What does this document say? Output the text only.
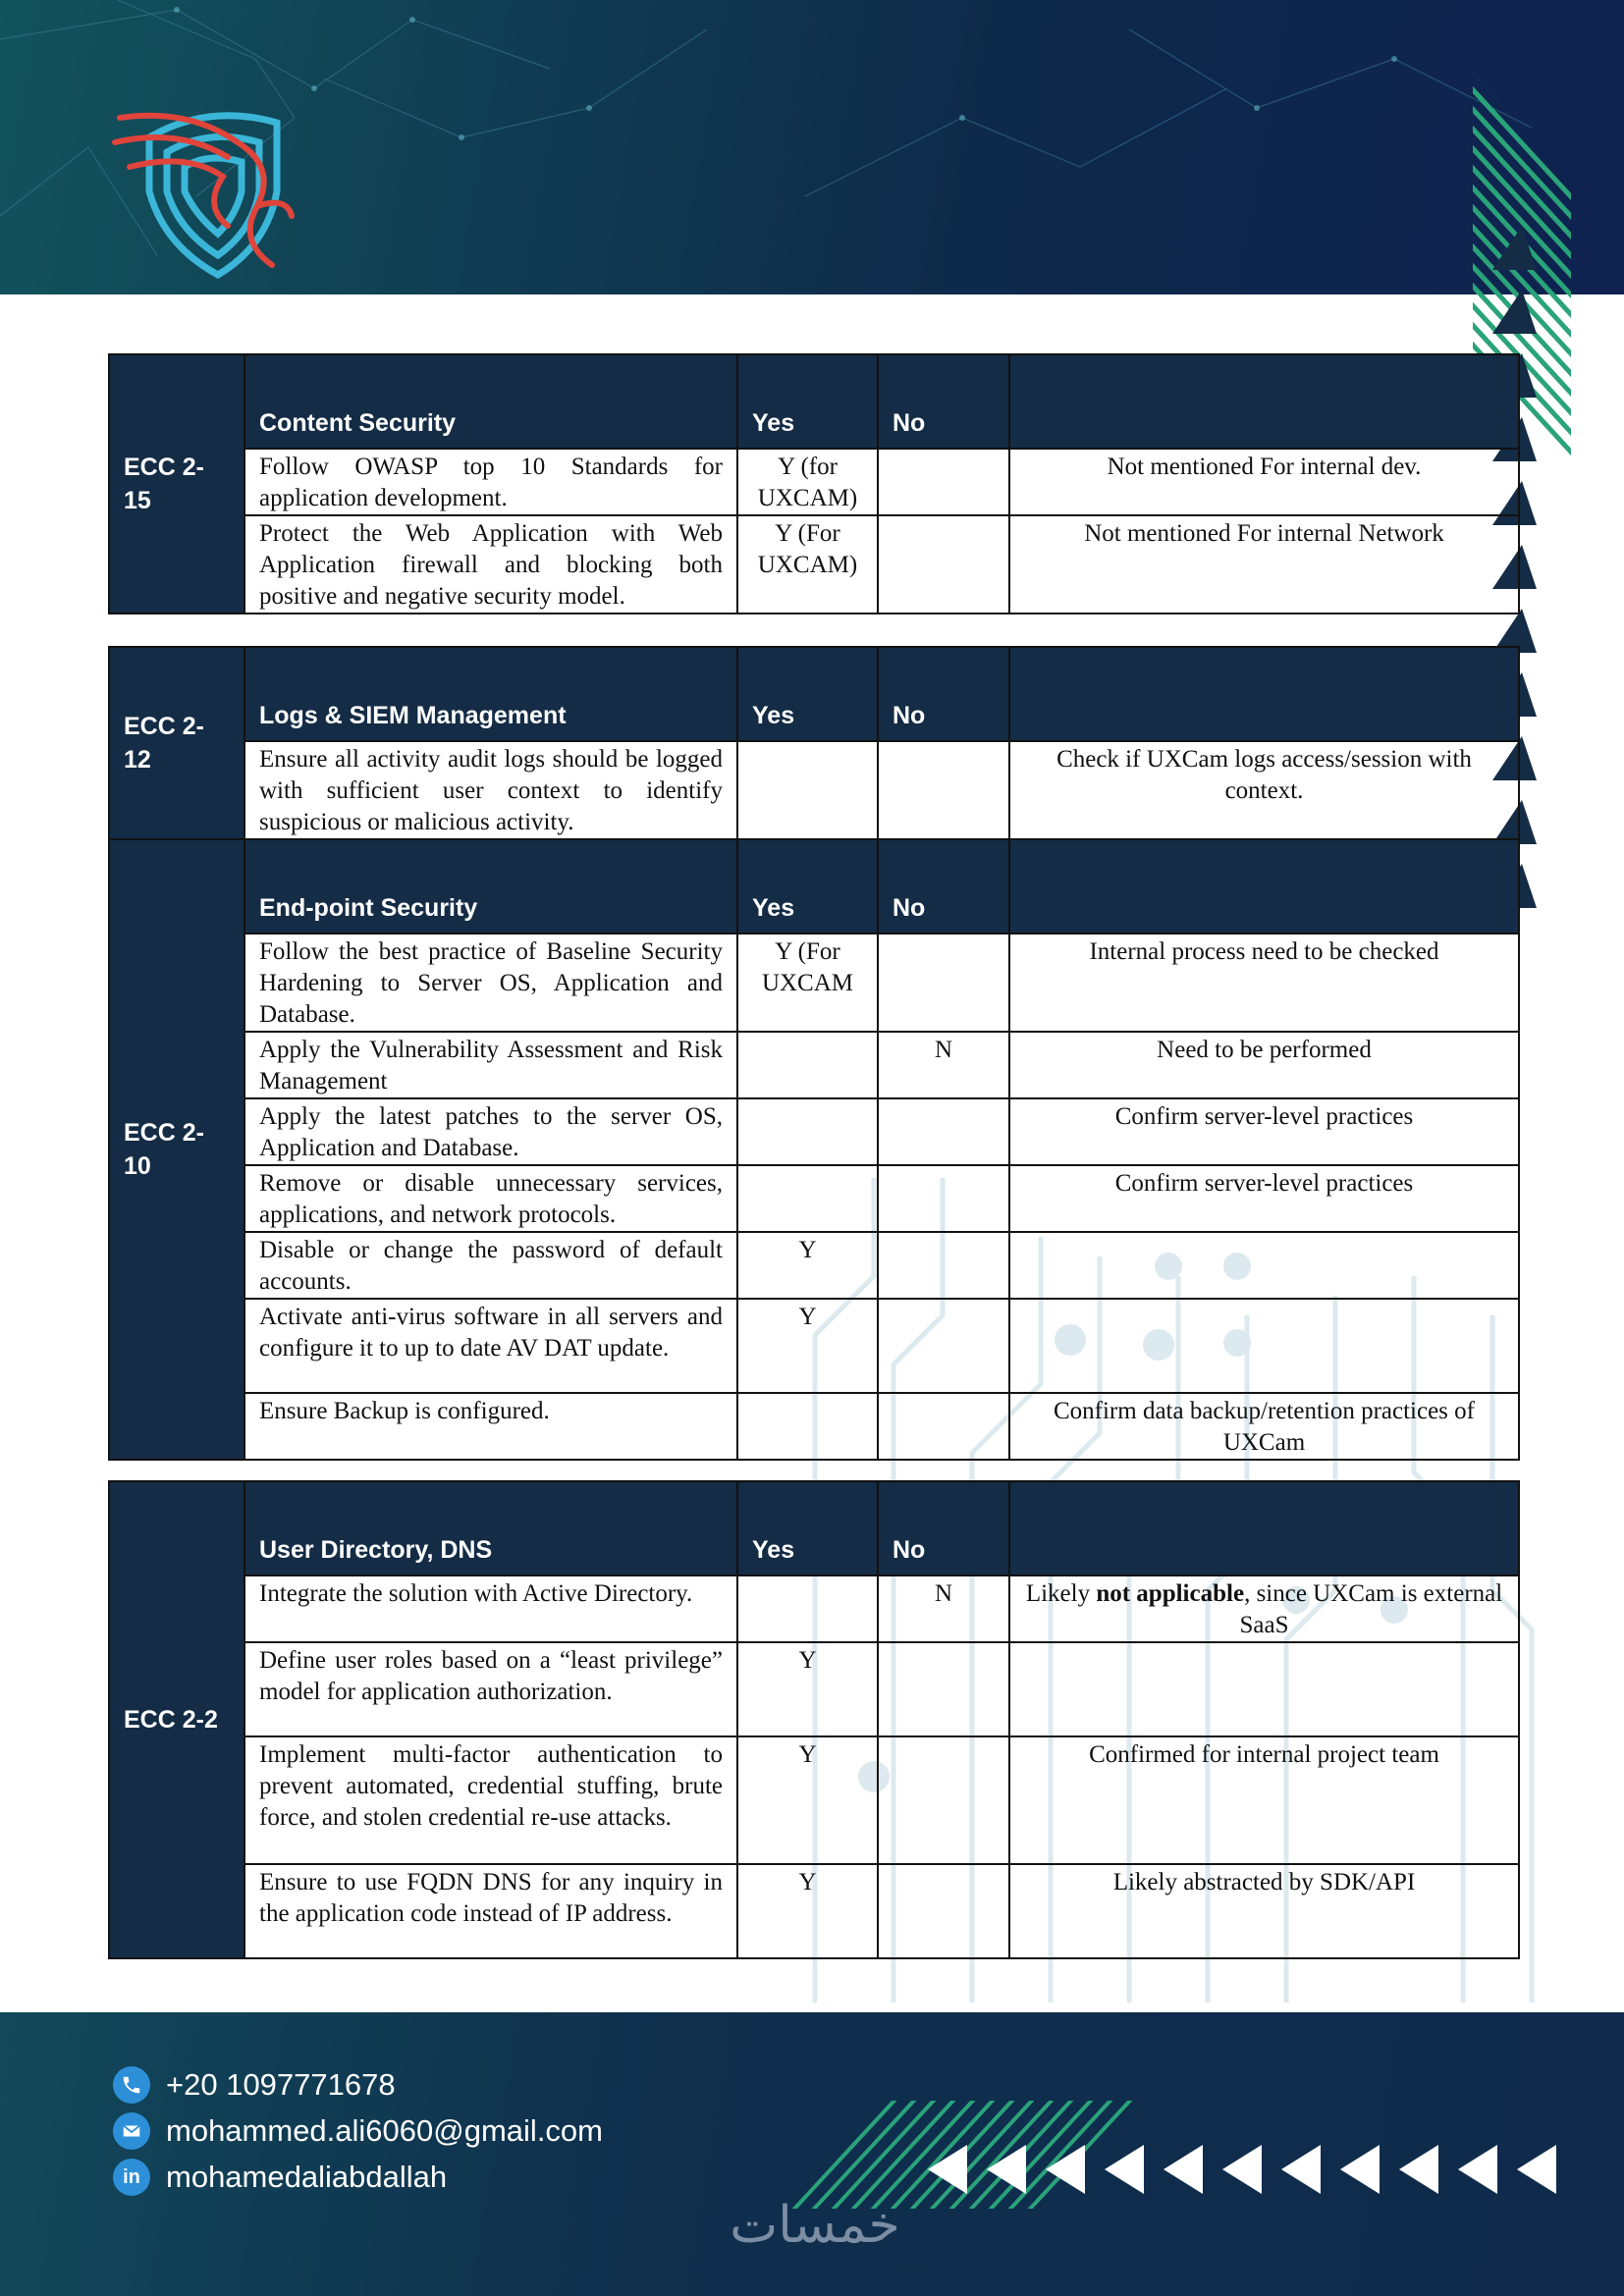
ECC 2-15	Content Security	Yes	No	
	Follow OWASP top 10 Standards for application development.	Y (for UXCAM)		Not mentioned For internal dev.
	Protect the Web Application with Web Application firewall and blocking both positive and negative security model.	Y (For UXCAM)		Not mentioned For internal Network
ECC 2-12	Logs & SIEM Management	Yes	No	
	Ensure all activity audit logs should be logged with sufficient user context to identify suspicious or malicious activity.			Check if UXCam logs access/session with context.
ECC 2-10	End-point Security	Yes	No	
	Follow the best practice of Baseline Security Hardening to Server OS, Application and Database.	Y (For UXCAM		Internal process need to be checked
	Apply the Vulnerability Assessment and Risk Management		N	Need to be performed
	Apply the latest patches to the server OS, Application and Database.			Confirm server-level practices
	Remove or disable unnecessary services, applications, and network protocols.			Confirm server-level practices
	Disable or change the password of default accounts.	Y		
	Activate anti-virus software in all servers and configure it to up to date AV DAT update.	Y		
	Ensure Backup is configured.			Confirm data backup/retention practices of UXCam
ECC 2-2	User Directory, DNS	Yes	No	
	Integrate the solution with Active Directory.		N	Likely not applicable, since UXCam is external SaaS
	Define user roles based on a “least privilege” model for application authorization.	Y		
	Implement multi-factor authentication to prevent automated, credential stuffing, brute force, and stolen credential re-use attacks.	Y		Confirmed for internal project team
	Ensure to use FQDN DNS for any inquiry in the application code instead of IP address.	Y		Likely abstracted by SDK/API
+20 1097771678
mohammed.ali6060@gmail.com
in mohamedaliabdallah
خمسات
